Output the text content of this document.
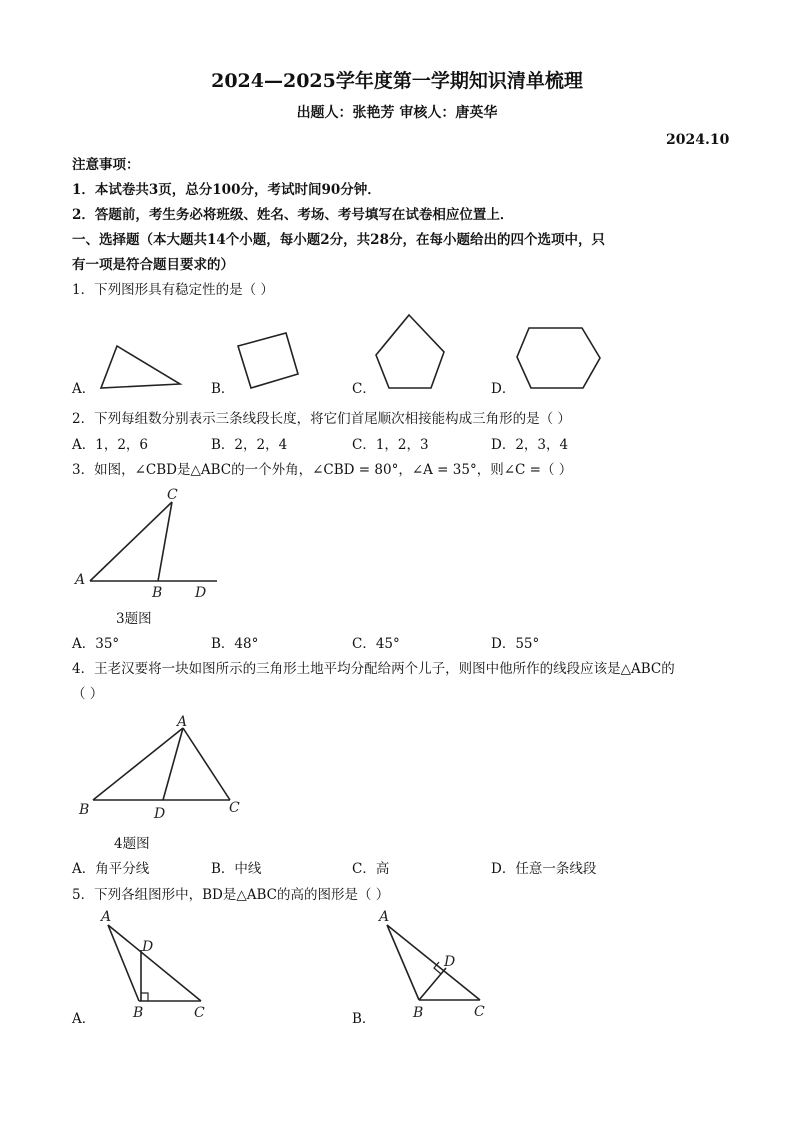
2024—2025学年度第一学期知识清单梳理
出题人：张艳芳 审核人：唐英华
2024.10
注意事项：
1．本试卷共3页，总分100分，考试时间90分钟．
2．答题前，考生务必将班级、姓名、考场、考号填写在试卷相应位置上．
一、选择题（本大题共14个小题，每小题2分，共28分，在每小题给出的四个选项中，只
有一项是符合题目要求的）
1．下列图形具有稳定性的是（ ）
A．	B．	C．	D．
2．下列每组数分别表示三条线段长度，将它们首尾顺次相接能构成三角形的是（ ）
A．1，2，6	B．2，2，4	C．1，2，3	D．2，3，4
3．如图，∠CBD是△ABC的一个外角，∠CBD = 80°，∠A = 35°，则∠C =（ ）
A
B
C
D
3题图
A．35°	B．48°	C．45°	D．55°
4．王老汉要将一块如图所示的三角形土地平均分配给两个儿子，则图中他所作的线段应该是△ABC的
（ ）
A
B	C
D
4题图
A．角平分线	B．中线	C．高	D．任意一条线段
5．下列各组图形中，BD是△ABC的高的图形是（ ）
A
B	C
D
A
B	C
D
A．	B．
